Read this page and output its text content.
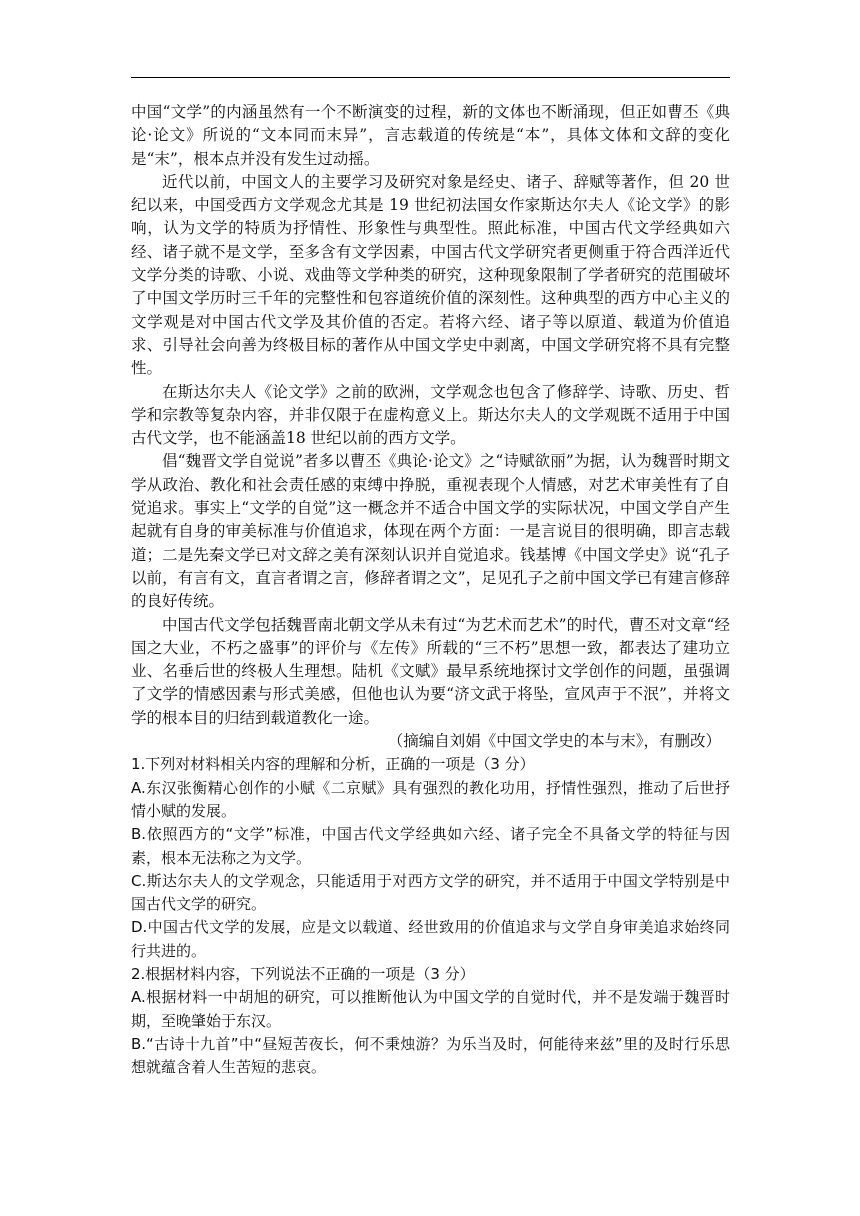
中国“文学”的内涵虽然有一个不断演变的过程，新的文体也不断涌现，但正如曹丕《典论·论文》所说的“文本同而末异”，言志载道的传统是“本”，具体文体和文辞的变化是“末”，根本点并没有发生过动摇。

近代以前，中国文人的主要学习及研究对象是经史、诸子、辞赋等著作，但 20 世纪以来，中国受西方文学观念尤其是 19 世纪初法国女作家斯达尔夫人《论文学》的影响，认为文学的特质为抒情性、形象性与典型性。照此标准，中国古代文学经典如六经、诸子就不是文学，至多含有文学因素，中国古代文学研究者更侧重于符合西洋近代文学分类的诗歌、小说、戏曲等文学种类的研究，这种现象限制了学者研究的范围破坏了中国文学历时三千年的完整性和包容道统价值的深刻性。这种典型的西方中心主义的文学观是对中国古代文学及其价值的否定。若将六经、诸子等以原道、载道为价值追求、引导社会向善为终极目标的著作从中国文学史中剥离，中国文学研究将不具有完整性。

在斯达尔夫人《论文学》之前的欧洲，文学观念也包含了修辞学、诗歌、历史、哲学和宗教等复杂内容，并非仅限于在虚构意义上。斯达尔夫人的文学观既不适用于中国古代文学，也不能涵盖18 世纪以前的西方文学。

倡“魏晋文学自觉说”者多以曹丕《典论·论文》之“诗赋欲丽”为据，认为魏晋时期文学从政治、教化和社会责任感的束缚中挣脱，重视表现个人情感，对艺术审美性有了自觉追求。事实上“文学的自觉”这一概念并不适合中国文学的实际状况，中国文学自产生起就有自身的审美标准与价值追求，体现在两个方面：一是言说目的很明确，即言志载道；二是先秦文学已对文辞之美有深刻认识并自觉追求。钱基博《中国文学史》说“孔子以前，有言有文，直言者谓之言，修辞者谓之文”，足见孔子之前中国文学已有建言修辞的良好传统。

中国古代文学包括魏晋南北朝文学从未有过“为艺术而艺术”的时代，曹丕对文章“经国之大业，不朽之盛事”的评价与《左传》所载的“三不朽”思想一致，都表达了建功立业、名垂后世的终极人生理想。陆机《文赋》最早系统地探讨文学创作的问题，虽强调了文学的情感因素与形式美感，但他也认为要“济文武于将坠，宣风声于不泯”，并将文学的根本目的归结到载道教化一途。

（摘编自刘娟《中国文学史的本与末》，有删改）

1.下列对材料相关内容的理解和分析，正确的一项是（3 分）

A.东汉张衡精心创作的小赋《二京赋》具有强烈的教化功用，抒情性强烈，推动了后世抒情小赋的发展。

B.依照西方的“文学”标准，中国古代文学经典如六经、诸子完全不具备文学的特征与因素，根本无法称之为文学。

C.斯达尔夫人的文学观念，只能适用于对西方文学的研究，并不适用于中国文学特别是中国古代文学的研究。

D.中国古代文学的发展，应是文以载道、经世致用的价值追求与文学自身审美追求始终同行共进的。

2.根据材料内容，下列说法不正确的一项是（3 分）

A.根据材料一中胡旭的研究，可以推断他认为中国文学的自觉时代，并不是发端于魏晋时期，至晚肇始于东汉。

B.“古诗十九首”中“昼短苦夜长，何不秉烛游？为乐当及时，何能待来兹”里的及时行乐思想就蕴含着人生苦短的悲哀。
